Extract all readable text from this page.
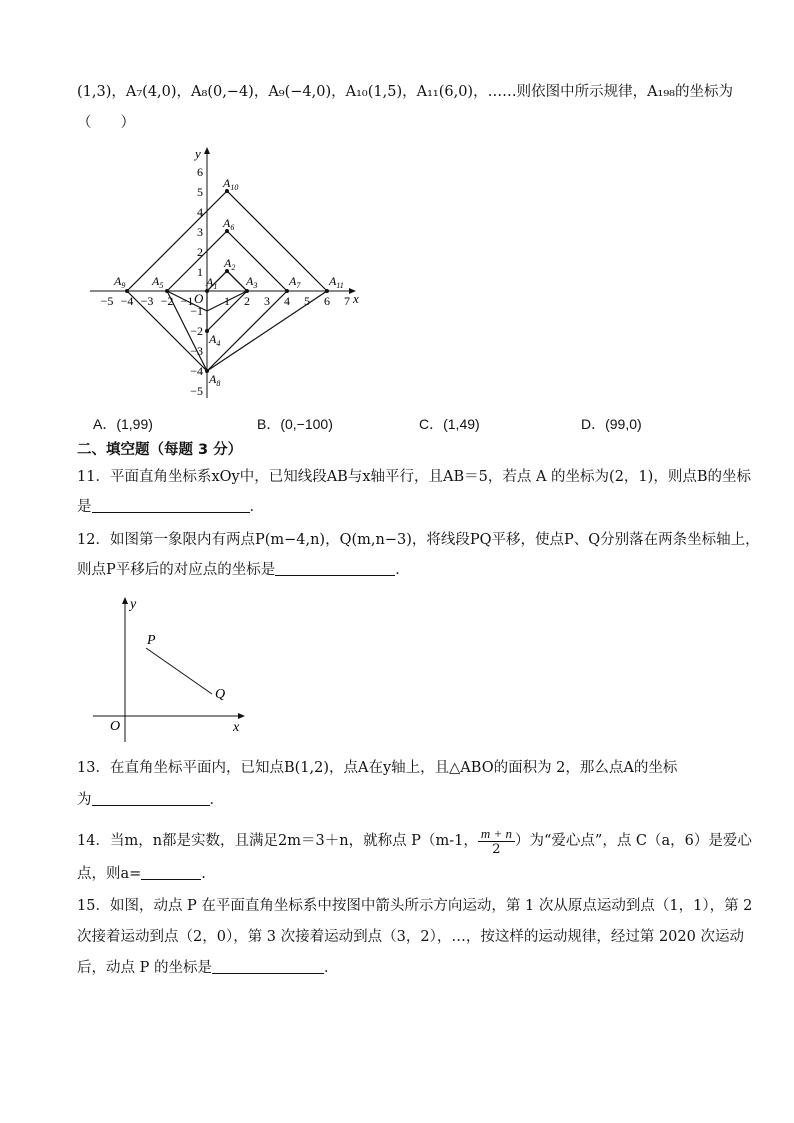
(1,3)，A₇(4,0)，A₈(0,−4)，A₉(−4,0)，A₁₀(1,5)，A₁₁(6,0)，……则依图中所示规律，A₁₉₈的坐标为
（　　）
x
y
O
6
5
4
3
2
1
−1
−2
−3
−4
−5
−5 −4 −3 −2 −1	1 2 3 4 5 6 7
$A_1$
$A_2$
$A_3$
$A_4$
$A_5$
$A_6$
$A_7$
$A_8$
$A_9$
$A_{10}$
$A_{11}$
A．(1,99)	B．(0,−100)	C．(1,49)	D．(99,0)
二、填空题（每题 3 分）
11．平面直角坐标系xOy中，已知线段AB与x轴平行，且AB＝5，若点 A 的坐标为(2，1)，则点B的坐标
是	．
12．如图第一象限内有两点P(m−4,n)，Q(m,n−3)，将线段PQ平移，使点P、Q分别落在两条坐标轴上，
则点P平移后的对应点的坐标是	．
P
Q
O	x
y
13．在直角坐标平面内，已知点B(1,2)，点A在y轴上，且△ABO的面积为 2，那么点A的坐标
为	．
14．当m，n都是实数，且满足2m＝3＋n，就称点 P（m-1， $\frac{m + n}{2}$ ）为“爱心点”，点 C（a，6）是爱心
点，则a=	.
15．如图，动点 P 在平面直角坐标系中按图中箭头所示方向运动，第 1 次从原点运动到点（1，1），第 2
次接着运动到点（2，0），第 3 次接着运动到点（3，2），…，按这样的运动规律，经过第 2020 次运动
后，动点 P 的坐标是	．
